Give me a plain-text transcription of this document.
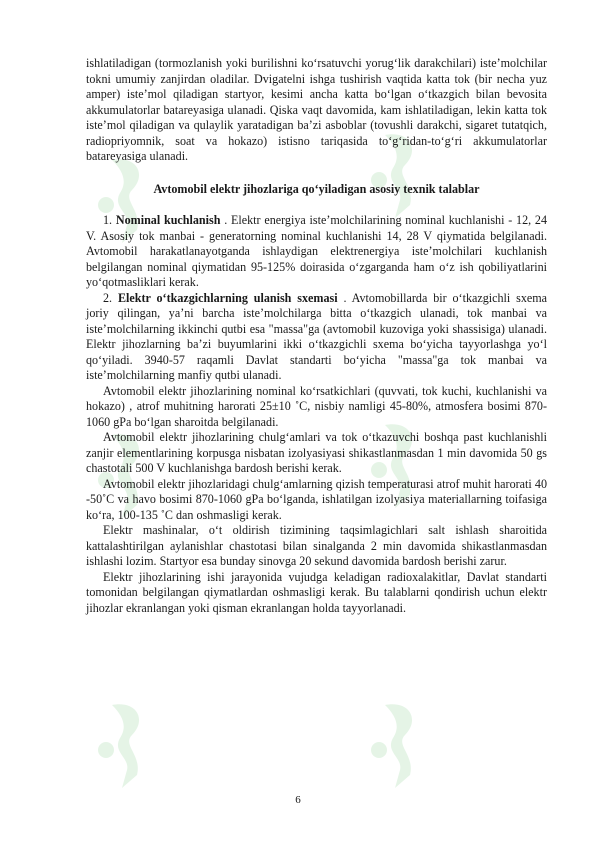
ishlatiladigan (tormozlanish yoki burilishni ko‘rsatuvchi yorug‘lik darakchilari) iste’molchilar tokni umumiy zanjirdan oladilar. Dvigatelni ishga tushirish vaqtida katta tok (bir necha yuz amper) iste’mol qiladigan startyor, kesimi ancha katta bo‘lgan o‘tkazgich bilan bevosita akkumulatorlar batareyasiga ulanadi. Qiska vaqt davomida, kam ishlatiladigan, lekin katta tok iste’mol qiladigan va qulaylik yaratadigan ba’zi asboblar (tovushli darakchi, sigaret tutatqich, radiopriyomnik, soat va hokazo) istisno tariqasida to‘g‘ridan-to‘g‘ri akkumulatorlar batareyasiga ulanadi.

Avtomobil elektr jihozlariga qo‘yiladigan asosiy texnik talablar

1. Nominal kuchlanish . Elektr energiya iste’molchilarining nominal kuchlanishi - 12, 24 V. Asosiy tok manbai - generatorning nominal kuchlanishi 14, 28 V qiymatida belgilanadi. Avtomobil harakatlanayotganda ishlaydigan elektrenergiya iste’molchilari kuchlanish belgilangan nominal qiymatidan 95-125% doirasida o‘zgarganda ham o‘z ish qobiliyatlarini yo‘qotmasliklari kerak.

2. Elektr o‘tkazgichlarning ulanish sxemasi . Avtomobillarda bir o‘tkazgichli sxema joriy qilingan, ya’ni barcha iste’molchilarga bitta o‘tkazgich ulanadi, tok manbai va iste’molchilarning ikkinchi qutbi esa "massa"ga (avtomobil kuzoviga yoki shassisiga) ulanadi. Elektr jihozlarning ba’zi buyumlarini ikki o‘tkazgichli sxema bo‘yicha tayyorlashga yo‘l qo‘yiladi. 3940-57 raqamli Davlat standarti bo‘yicha "massa"ga tok manbai va iste’molchilarning manfiy qutbi ulanadi.

Avtomobil elektr jihozlarining nominal ko‘rsatkichlari (quvvati, tok kuchi, kuchlanishi va hokazo) , atrof muhitning harorati 25±10 ˚C, nisbiy namligi 45-80%, atmosfera bosimi 870-1060 gPa bo‘lgan sharoitda belgilanadi.

Avtomobil elektr jihozlarining chulg‘amlari va tok o‘tkazuvchi boshqa past kuchlanishli zanjir elementlarining korpusga nisbatan izolyasiyasi shikastlanmasdan 1 min davomida 50 gs chastotali 500 V kuchlanishga bardosh berishi kerak.

Avtomobil elektr jihozlaridagi chulg‘amlarning qizish temperaturasi atrof muhit harorati 40 -50˚C va havo bosimi 870-1060 gPa bo‘lganda, ishlatilgan izolyasiya materiallarning toifasiga ko‘ra, 100-135 ˚C dan oshmasligi kerak.

Elektr mashinalar, o‘t oldirish tizimining taqsimlagichlari salt ishlash sharoitida kattalashtirilgan aylanishlar chastotasi bilan sinalganda 2 min davomida shikastlanmasdan ishlashi lozim. Startyor esa bunday sinovga 20 sekund davomida bardosh berishi zarur.

Elektr jihozlarining ishi jarayonida vujudga keladigan radioxalakitlar, Davlat standarti tomonidan belgilangan qiymatlardan oshmasligi kerak. Bu talablarni qondirish uchun elektr jihozlar ekranlangan yoki qisman ekranlangan holda tayyorlanadi.

6
